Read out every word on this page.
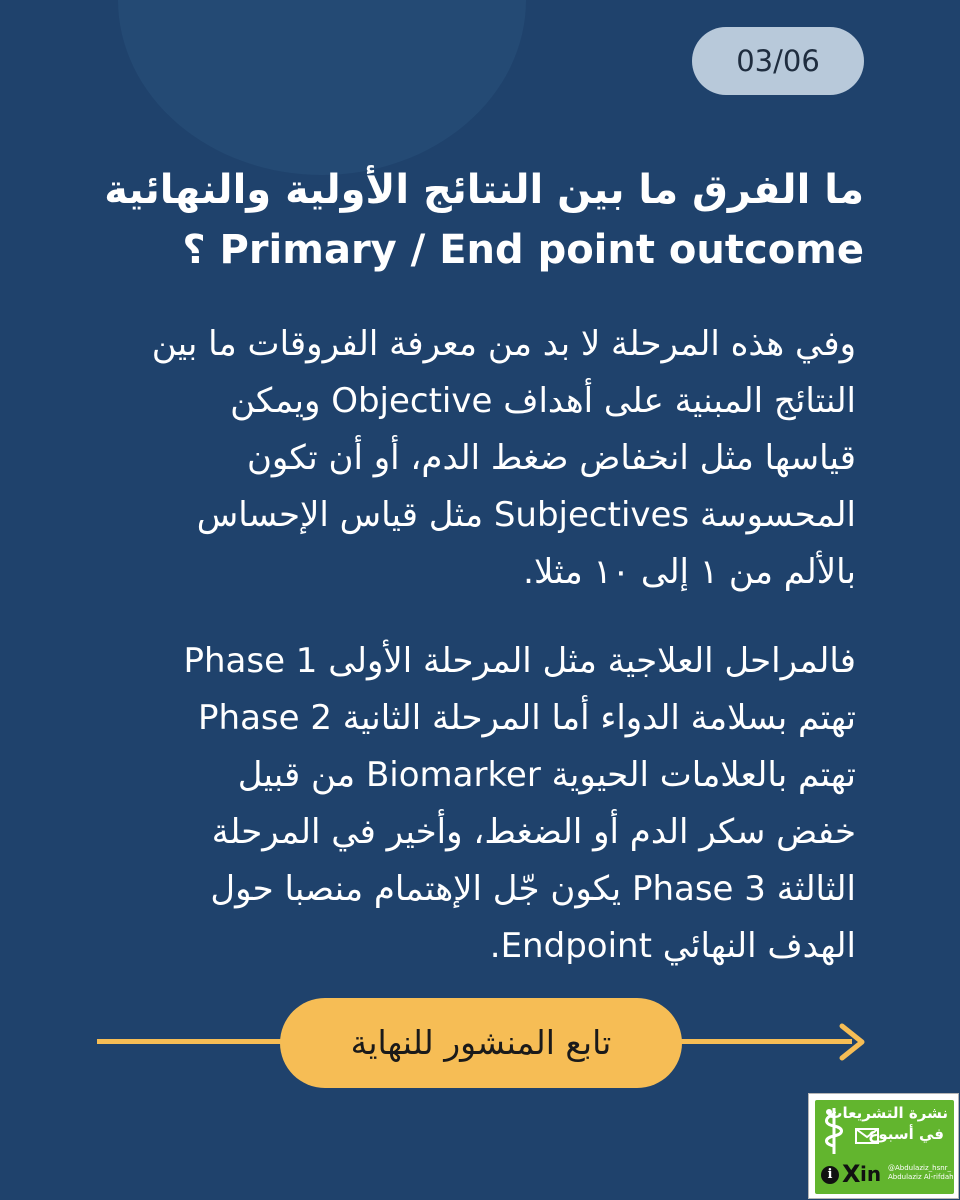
03/06
ما الفرق ما بين النتائج الأولية والنهائية
Primary / End point outcome ؟
وفي هذه المرحلة لا بد من معرفة الفروقات ما بين
النتائج المبنية على أهداف Objective ويمكن
قياسها مثل انخفاض ضغط الدم، أو أن تكون
المحسوسة Subjectives مثل قياس الإحساس
بالألم من ١ إلى ١٠ مثلا.
فالمراحل العلاجية مثل المرحلة الأولى Phase 1
تهتم بسلامة الدواء أما المرحلة الثانية Phase 2
تهتم بالعلامات الحيوية Biomarker من قبيل
خفض سكر الدم أو الضغط، وأخير في المرحلة
الثالثة Phase 3 يكون جّل الإهتمام منصبا حول
الهدف النهائي Endpoint.
تابع المنشور للنهاية
نشرة التشريعات
في أسبوع
i X in @Abdulaziz_hsnr_
Abdulaziz Al-rifdah
